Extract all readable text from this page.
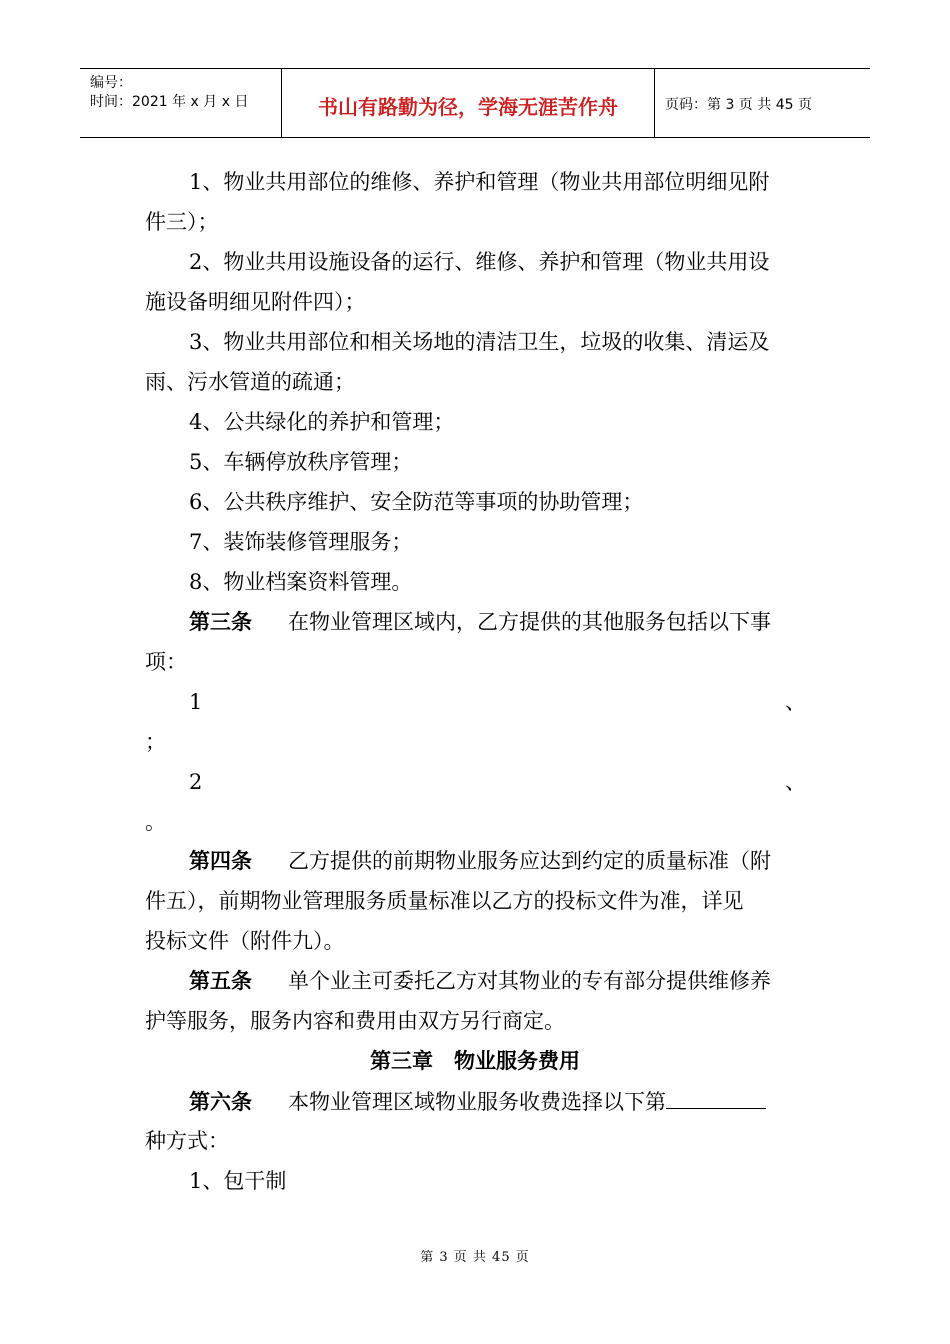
编号：
时间：2021 年 x 月 x 日	书山有路勤为径，学海无涯苦作舟	页码：第 3 页 共 45 页
1、物业共用部位的维修、养护和管理（物业共用部位明细见附
件三）；
2、物业共用设施设备的运行、维修、养护和管理（物业共用设
施设备明细见附件四）；
3、物业共用部位和相关场地的清洁卫生，垃圾的收集、清运及
雨、污水管道的疏通；
4、公共绿化的养护和管理；
5、车辆停放秩序管理；
6、公共秩序维护、安全防范等事项的协助管理；
7、装饰装修管理服务；
8、物业档案资料管理。
第三条 在物业管理区域内，乙方提供的其他服务包括以下事
项：
1	、
；
2	、
。
第四条 乙方提供的前期物业服务应达到约定的质量标准（附
件五），前期物业管理服务质量标准以乙方的投标文件为准，详见
投标文件（附件九）。
第五条 单个业主可委托乙方对其物业的专有部分提供维修养
护等服务，服务内容和费用由双方另行商定。
第三章　物业服务费用
第六条 本物业管理区域物业服务收费选择以下第
种方式：
1、包干制
第 3 页 共 45 页
